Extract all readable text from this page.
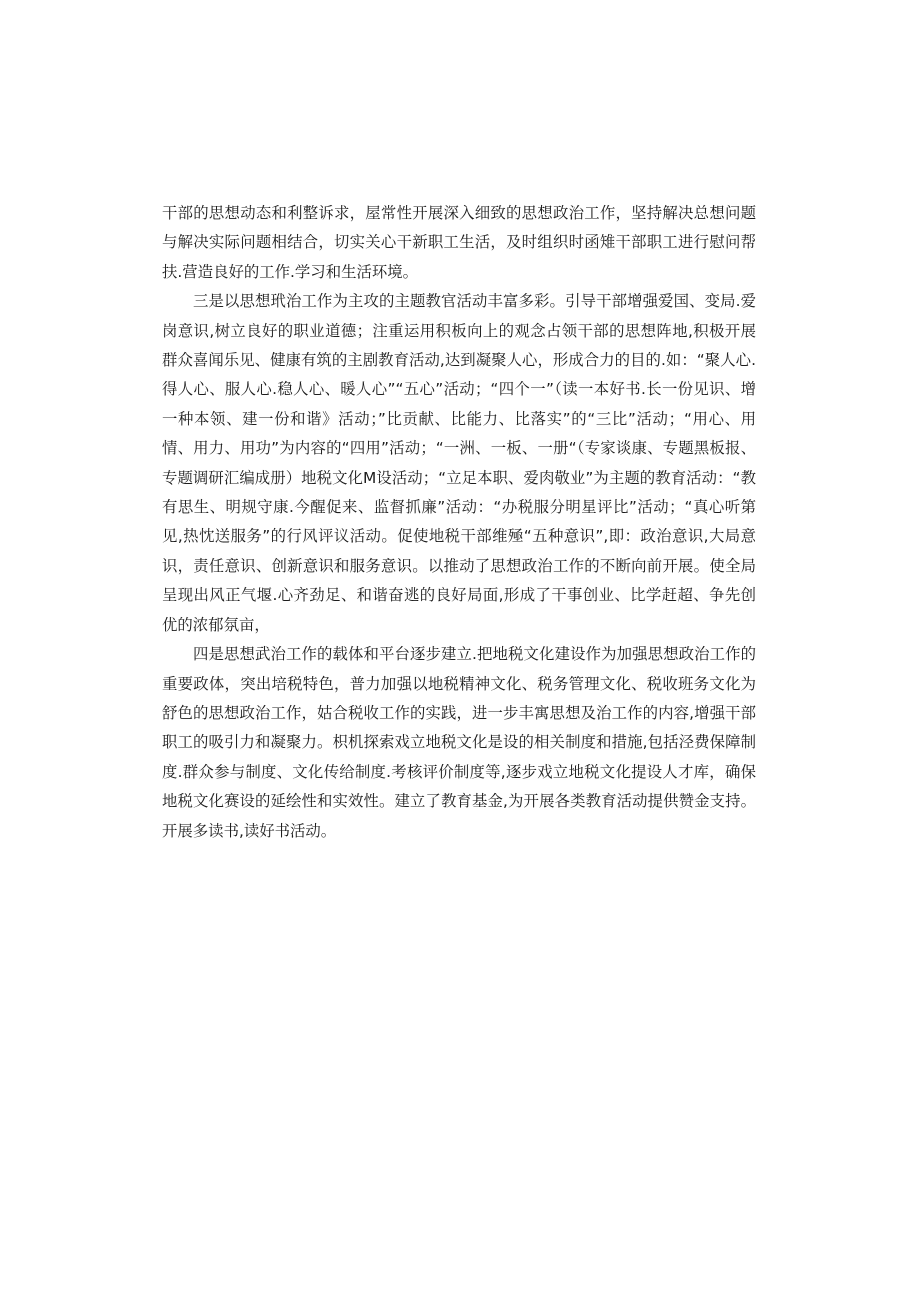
干部的思想动态和利整诉求，屋常性开展深入细致的思想政治工作，坚持解决总想问题与解决实际问题相结合，切实关心干新职工生活，及时组织时函雉干部职工进行慰问帮扶.营造良好的工作.学习和生活环境。

三是以思想玳治工作为主攻的主题教官活动丰富多彩。引导干部增强爱国、变局.爱岗意识,树立良好的职业道德；注重运用积板向上的观念占领干部的思想阵地,积极开展群众喜闻乐见、健康有筑的主剧教育活动,达到凝聚人心，形成合力的目的.如：“聚人心.得人心、服人心.稳人心、暖人心”“五心”活动；“四个一”（读一本好书.长一份见识、增一种本领、建一份和谐》活动；”比贡献、比能力、比落实”的“三比”活动；“用心、用情、用力、用功”为内容的“四用”活动；“一洲、一板、一册“（专家谈康、专题黑板报、专题调研汇编成册）地税文化M设活动；“立足本职、爱肉敬业”为主题的教育活动：“教有思生、明规守康.今醒促来、监督抓廉”活动：“办税服分明星评比”活动；“真心听第见,热忱送服务”的行风评议活动。促使地税干部维殛“五种意识”,即：政治意识,大局意识，责任意识、创新意识和服务意识。以推动了思想政治工作的不断向前开展。使全局呈现出风正气堰.心齐劲足、和谐奋逃的良好局面,形成了干事创业、比学赶超、争先创优的浓郁氛亩，

四是思想武治工作的载体和平台逐步建立.把地税文化建设作为加强思想政治工作的重要政体，突出培税特色，普力加强以地税精神文化、税务管理文化、税收班务文化为舒色的思想政治工作，姑合税收工作的实践，进一步丰寓思想及治工作的内容,增强干部职工的吸引力和凝聚力。枳机探索戏立地税文化是设的相关制度和措施,包括泾费保障制度.群众参与制度、文化传给制度.考核评价制度等,逐步戏立地税文化提设人才库，确保地税文化赛设的延绘性和实效性。建立了教育基金,为开展各类教育活动提供赞金支持。开展多读书,读好书活动。
